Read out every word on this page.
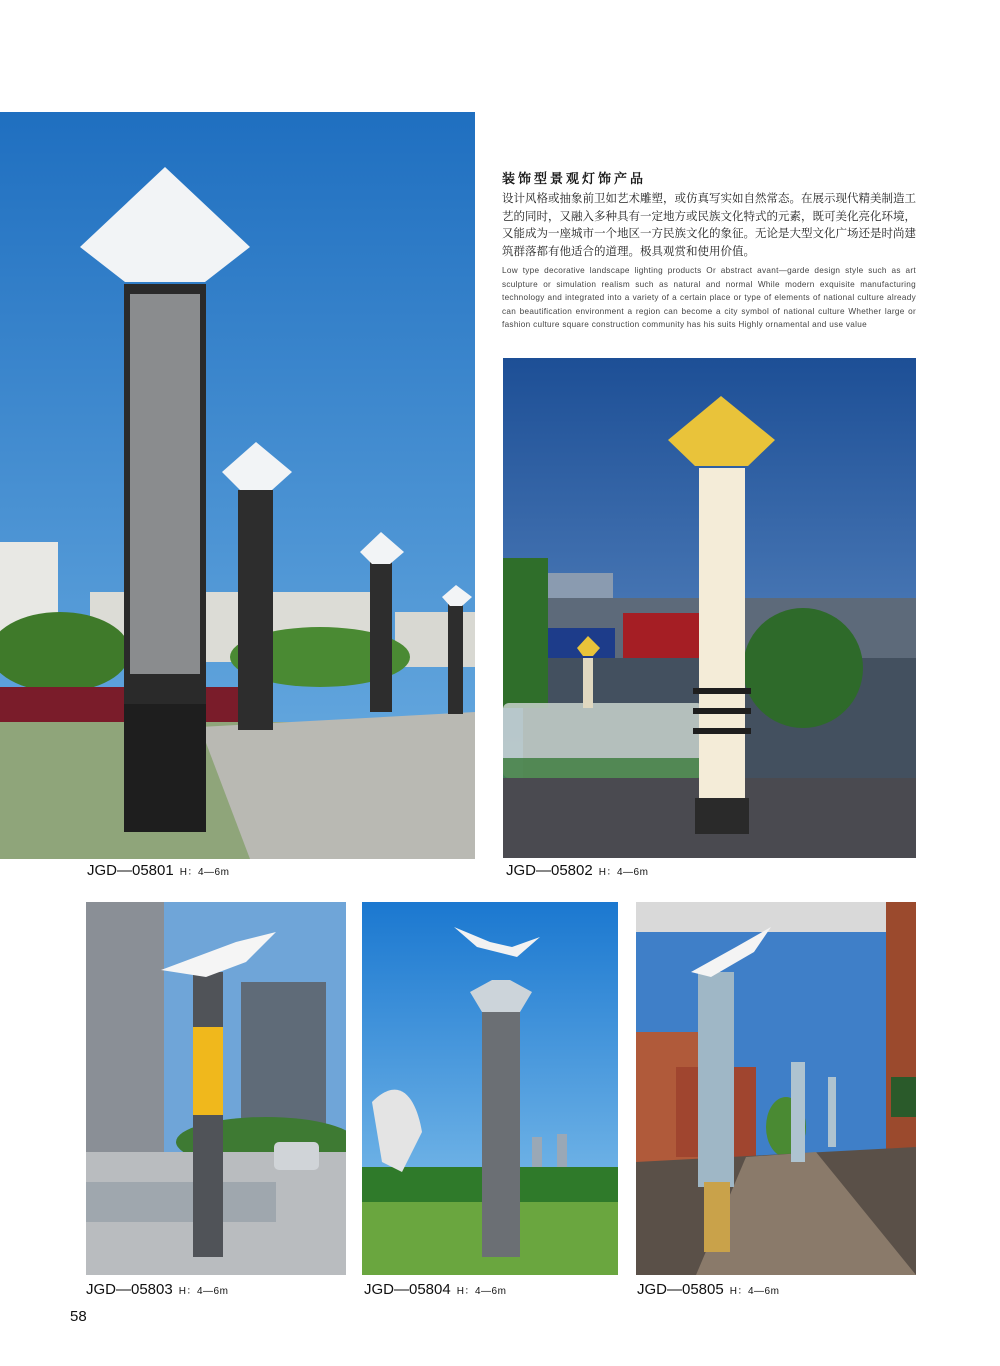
装饰型景观灯饰产品
设计风格或抽象前卫如艺术雕塑，或仿真写实如自然常态。在展示现代精美制造工艺的同时，又融入多种具有一定地方或民族文化特式的元素，既可美化亮化环境，又能成为一座城市一个地区一方民族文化的象征。无论是大型文化广场还是时尚建筑群落都有他适合的道理。极具观赏和使用价值。
Low type decorative landscape lighting products Or abstract avant—garde design style such as art sculpture or simulation realism such as natural and normal While modern exquisite manufacturing technology and integrated into a variety of a certain place or type of elements of national culture already can beautification environment a region can become a city symbol of national culture Whether large or fashion culture square construction community has his suits Highly ornamental and use value
JGD—05801 H：4—6m	JGD—05802 H：4—6m
JGD—05803 H：4—6m	JGD—05804 H：4—6m	JGD—05805 H：4—6m
58
